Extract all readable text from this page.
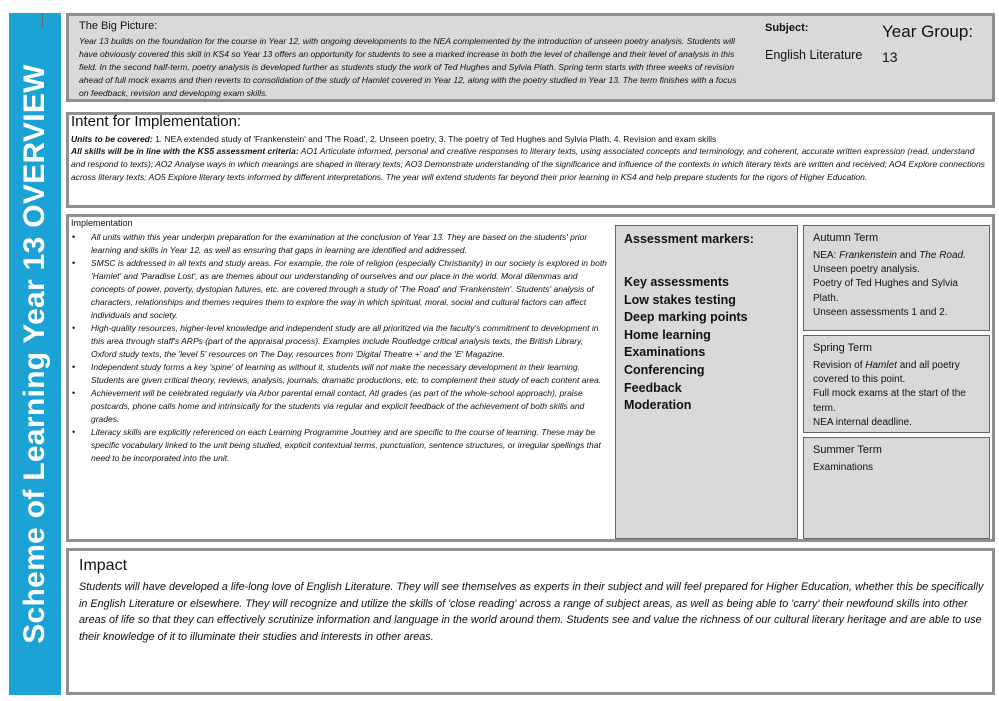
Scheme of Learning Year 13 OVERVIEW
The Big Picture:
Year 13 builds on the foundation for the course in Year 12, with ongoing developments to the NEA complemented by the introduction of unseen poetry analysis. Students will have obviously covered this skill in KS4 so Year 13 offers an opportunity for students to see a marked increase in both the level of challenge and their level of analysis in this field. In the second half-term, poetry analysis is developed further as students study the work of Ted Hughes and Sylvia Plath. Spring term starts with three weeks of revision ahead of full mock exams and then reverts to consolidation of the study of Hamlet covered in Year 12, along with the poetry studied in Year 13. The term finishes with a focus on feedback, revision and developing exam skills.
Subject:
English Literature
Year Group:
13
Intent for Implementation:
Units to be covered: 1. NEA extended study of 'Frankenstein' and 'The Road', 2. Unseen poetry, 3. The poetry of Ted Hughes and Sylvia Plath, 4. Revision and exam skills
All skills will be in line with the KS5 assessment criteria: AO1 Articulate informed, personal and creative responses to literary texts, using associated concepts and terminology, and coherent, accurate written expression (read, understand and respond to texts); AO2 Analyse ways in which meanings are shaped in literary texts; AO3 Demonstrate understanding of the significance and influence of the contexts in which literary texts are written and received; AO4 Explore connections across literary texts; AO5 Explore literary texts informed by different interpretations. The year will extend students far beyond their prior learning in KS4 and help prepare students for the rigors of Higher Education.
Implementation
• All units within this year underpin preparation for the examination at the conclusion of Year 13. They are based on the students' prior learning and skills in Year 12, as well as ensuring that gaps in learning are identified and addressed.
• SMSC is addressed in all texts and study areas. For example, the role of religion (especially Christianity) in our society is explored in both 'Hamlet' and 'Paradise Lost', as are themes about our understanding of ourselves and our place in the world. Moral dilemmas and concepts of power, poverty, dystopian futures, etc. are covered through a study of 'The Road' and 'Frankenstein'. Students' analysis of characters, relationships and themes requires them to explore the way in which spiritual, moral, social and cultural factors can affect individuals and society.
• High-quality resources, higher-level knowledge and independent study are all prioritized via the faculty's commitment to development in this area through staff's ARPs (part of the appraisal process). Examples include Routledge critical analysis texts, the British Library, Oxford study texts, the 'level 5' resources on The Day, resources from 'Digital Theatre +' and the 'E' Magazine.
• Independent study forms a key 'spine' of learning as without it, students will not make the necessary development in their learning. Students are given critical theory, reviews, analysis, journals, dramatic productions, etc. to complement their study of each content area.
• Achievement will be celebrated regularly via Arbor parental email contact, Atl grades (as part of the whole-school approach), praise postcards, phone calls home and intrinsically for the students via regular and explicit feedback of the achievement of both skills and grades.
• Literacy skills are explicitly referenced on each Learning Programme Journey and are specific to the course of learning. These may be specific vocabulary linked to the unit being studied, explicit contextual terms, punctuation, sentence structures, or irregular spellings that need to be incorporated into the unit.
Assessment markers:
Key assessments
Low stakes testing
Deep marking points
Home learning
Examinations
Conferencing
Feedback
Moderation
Autumn Term
NEA: Frankenstein and The Road.
Unseen poetry analysis.
Poetry of Ted Hughes and Sylvia Plath.
Unseen assessments 1 and 2.
Spring Term
Revision of Hamlet and all poetry covered to this point.
Full mock exams at the start of the term.
NEA internal deadline.
Summer Term
Examinations
Impact
Students will have developed a life-long love of English Literature. They will see themselves as experts in their subject and will feel prepared for Higher Education, whether this be specifically in English Literature or elsewhere. They will recognize and utilize the skills of 'close reading' across a range of subject areas, as well as being able to 'carry' their newfound skills into other areas of life so that they can effectively scrutinize information and language in the world around them. Students see and value the richness of our cultural literary heritage and are able to use their knowledge of it to illuminate their studies and interests in other areas.
